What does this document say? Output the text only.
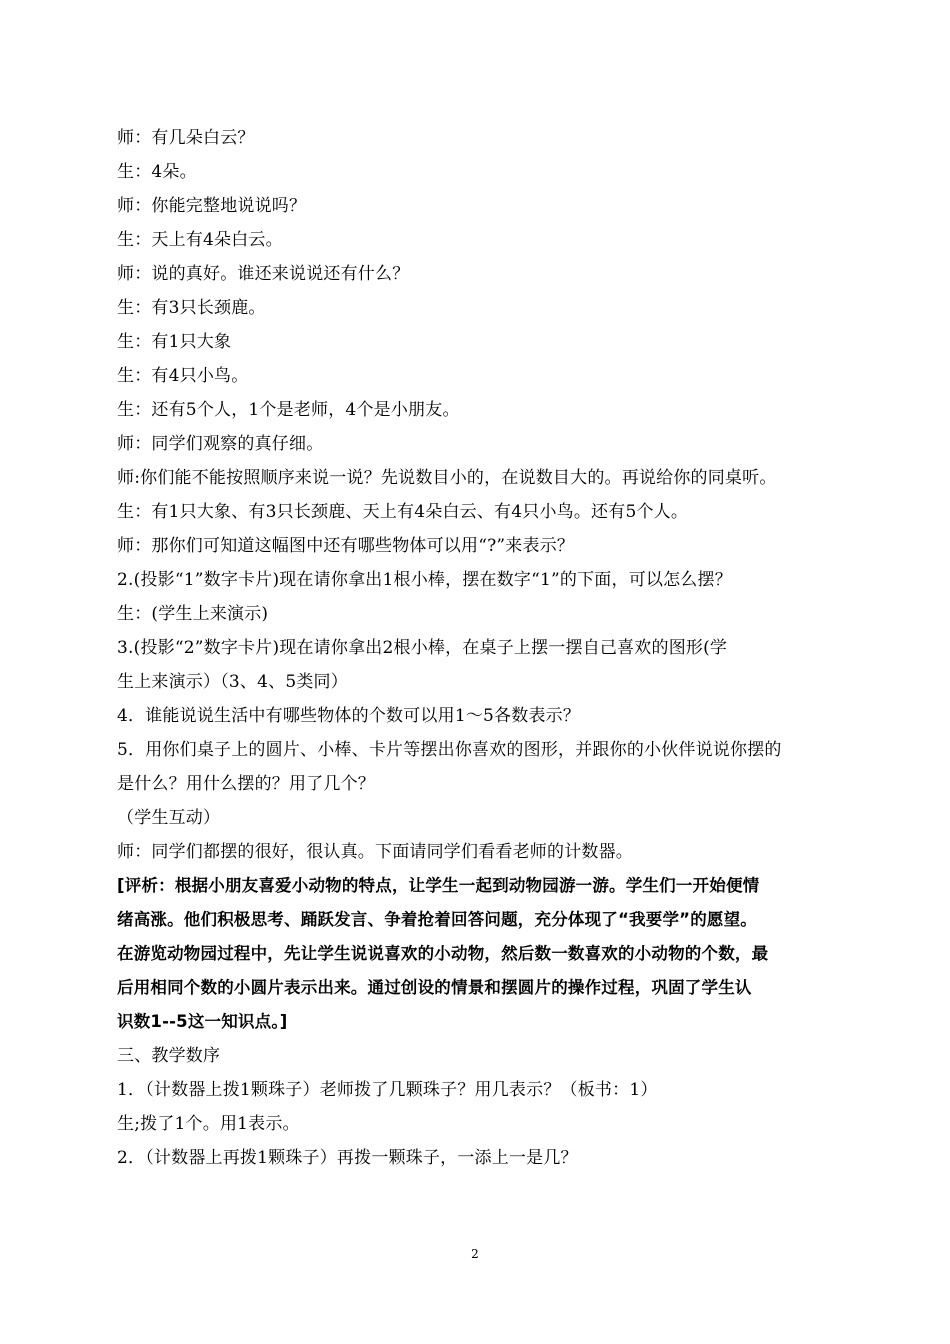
师：有几朵白云？
生：4朵。
师：你能完整地说说吗？
生：天上有4朵白云。
师：说的真好。谁还来说说还有什么？
生：有3只长颈鹿。
生：有1只大象
生：有4只小鸟。
生：还有5个人，1个是老师，4个是小朋友。
师：同学们观察的真仔细。
师:你们能不能按照顺序来说一说？先说数目小的，在说数目大的。再说给你的同桌听。
生：有1只大象、有3只长颈鹿、天上有4朵白云、有4只小鸟。还有5个人。
师：那你们可知道这幅图中还有哪些物体可以用“?”来表示？
2.(投影“1”数字卡片)现在请你拿出1根小棒，摆在数字“1”的下面，可以怎么摆？
生：(学生上来演示)
3.(投影“2”数字卡片)现在请你拿出2根小棒，在桌子上摆一摆自己喜欢的图形(学
生上来演示）（3、4、5类同）
4．谁能说说生活中有哪些物体的个数可以用1～5各数表示？
5．用你们桌子上的圆片、小棒、卡片等摆出你喜欢的图形，并跟你的小伙伴说说你摆的
是什么？用什么摆的？用了几个？
（学生互动）
师：同学们都摆的很好，很认真。下面请同学们看看老师的计数器。
[评析：根据小朋友喜爱小动物的特点，让学生一起到动物园游一游。学生们一开始便情
绪高涨。他们积极思考、踊跃发言、争着抢着回答问题，充分体现了“我要学”的愿望。
在游览动物园过程中，先让学生说说喜欢的小动物，然后数一数喜欢的小动物的个数，最
后用相同个数的小圆片表示出来。通过创设的情景和摆圆片的操作过程，巩固了学生认
识数1--5这一知识点。]
三、教学数序
1．（计数器上拨1颗珠子）老师拨了几颗珠子？用几表示？（板书：1）
生;拨了1个。用1表示。
2．（计数器上再拨1颗珠子）再拨一颗珠子，一添上一是几？
2
